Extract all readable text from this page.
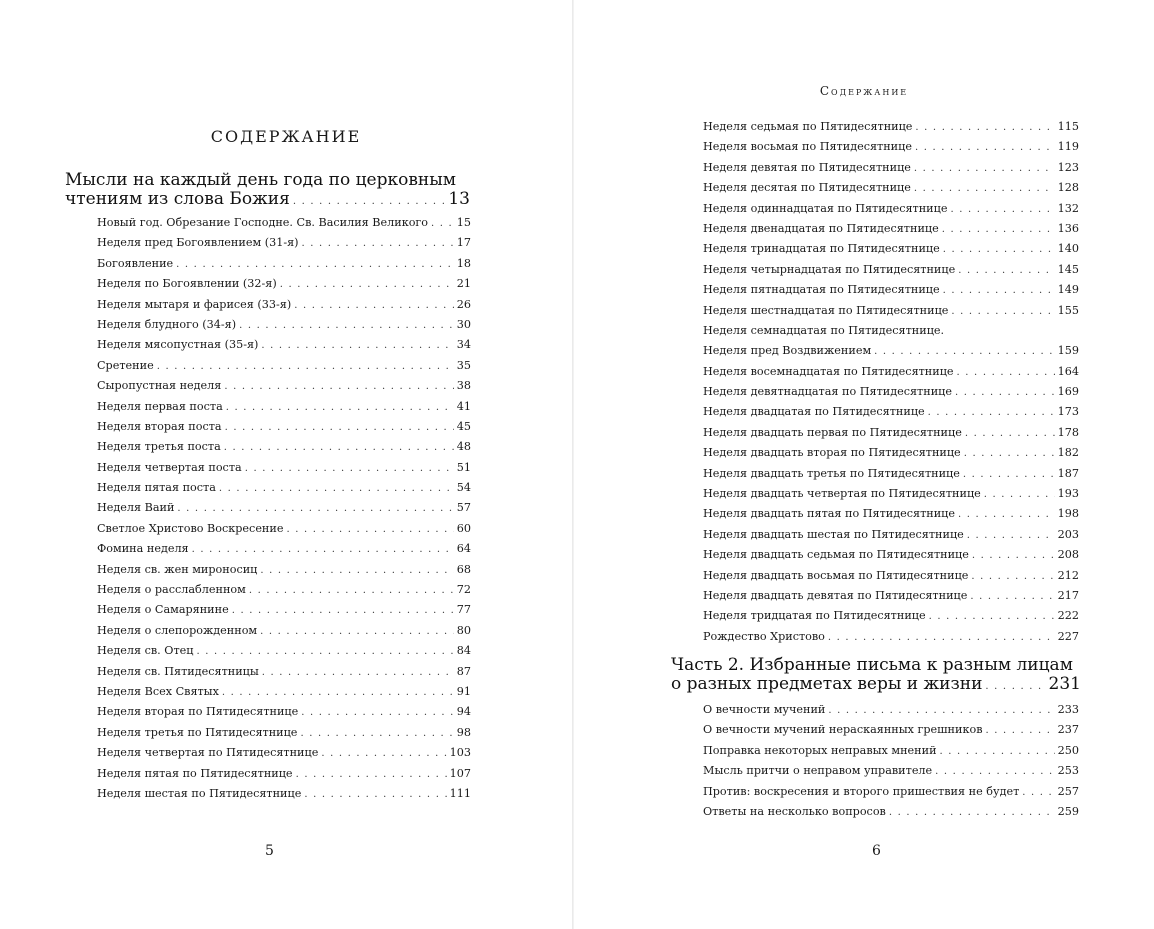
СОДЕРЖАНИЕ
Мысли на каждый день года по церковным
чтениям из слова Божия . . .	13
Новый год. Обрезание Господне. Св. Василия Великого . . .	15
Неделя пред Богоявлением (31-я) . . .	17
Богоявление . . .	18
Неделя по Богоявлении (32-я) . . .	21
Неделя мытаря и фарисея (33-я) . . .	26
Неделя блудного (34-я) . . .	30
Неделя мясопустная (35-я) . . .	34
Сретение . . .	35
Сыропустная неделя . . .	38
Неделя первая поста . . .	41
Неделя вторая поста . . .	45
Неделя третья поста . . .	48
Неделя четвертая поста . . .	51
Неделя пятая поста . . .	54
Неделя Ваий . . .	57
Светлое Христово Воскресение . . .	60
Фомина неделя . . .	64
Неделя св. жен мироносиц . . .	68
Неделя о расслабленном . . .	72
Неделя о Самарянине . . .	77
Неделя о слепорожденном . . .	80
Неделя св. Отец . . .	84
Неделя св. Пятидесятницы . . .	87
Неделя Всех Святых . . .	91
Неделя вторая по Пятидесятнице . . .	94
Неделя третья по Пятидесятнице . . .	98
Неделя четвертая по Пятидесятнице . . .	103
Неделя пятая по Пятидесятнице . . .	107
Неделя шестая по Пятидесятнице . . .	111
5
Содержание
Неделя седьмая по Пятидесятнице . . .	115
Неделя восьмая по Пятидесятнице . . .	119
Неделя девятая по Пятидесятнице . . .	123
Неделя десятая по Пятидесятнице . . .	128
Неделя одиннадцатая по Пятидесятнице . . .	132
Неделя двенадцатая по Пятидесятнице . . .	136
Неделя тринадцатая по Пятидесятнице . . .	140
Неделя четырнадцатая по Пятидесятнице . . .	145
Неделя пятнадцатая по Пятидесятнице . . .	149
Неделя шестнадцатая по Пятидесятнице . . .	155
Неделя семнадцатая по Пятидесятнице.
Неделя пред Воздвижением . . .	159
Неделя восемнадцатая по Пятидесятнице . . .	164
Неделя девятнадцатая по Пятидесятнице . . .	169
Неделя двадцатая по Пятидесятнице . . .	173
Неделя двадцать первая по Пятидесятнице . . .	178
Неделя двадцать вторая по Пятидесятнице . . .	182
Неделя двадцать третья по Пятидесятнице . . .	187
Неделя двадцать четвертая по Пятидесятнице . . .	193
Неделя двадцать пятая по Пятидесятнице . . .	198
Неделя двадцать шестая по Пятидесятнице . . .	203
Неделя двадцать седьмая по Пятидесятнице . . .	208
Неделя двадцать восьмая по Пятидесятнице . . .	212
Неделя двадцать девятая по Пятидесятнице . . .	217
Неделя тридцатая по Пятидесятнице . . .	222
Рождество Христово . . .	227
Часть 2. Избранные письма к разным лицам
о разных предметах веры и жизни . . .	231
О вечности мучений . . .	233
О вечности мучений нераскаянных грешников . . .	237
Поправка некоторых неправых мнений . . .	250
Мысль притчи о неправом управителе . . .	253
Против: воскресения и второго пришествия не будет . . .	257
Ответы на несколько вопросов . . .	259
6
